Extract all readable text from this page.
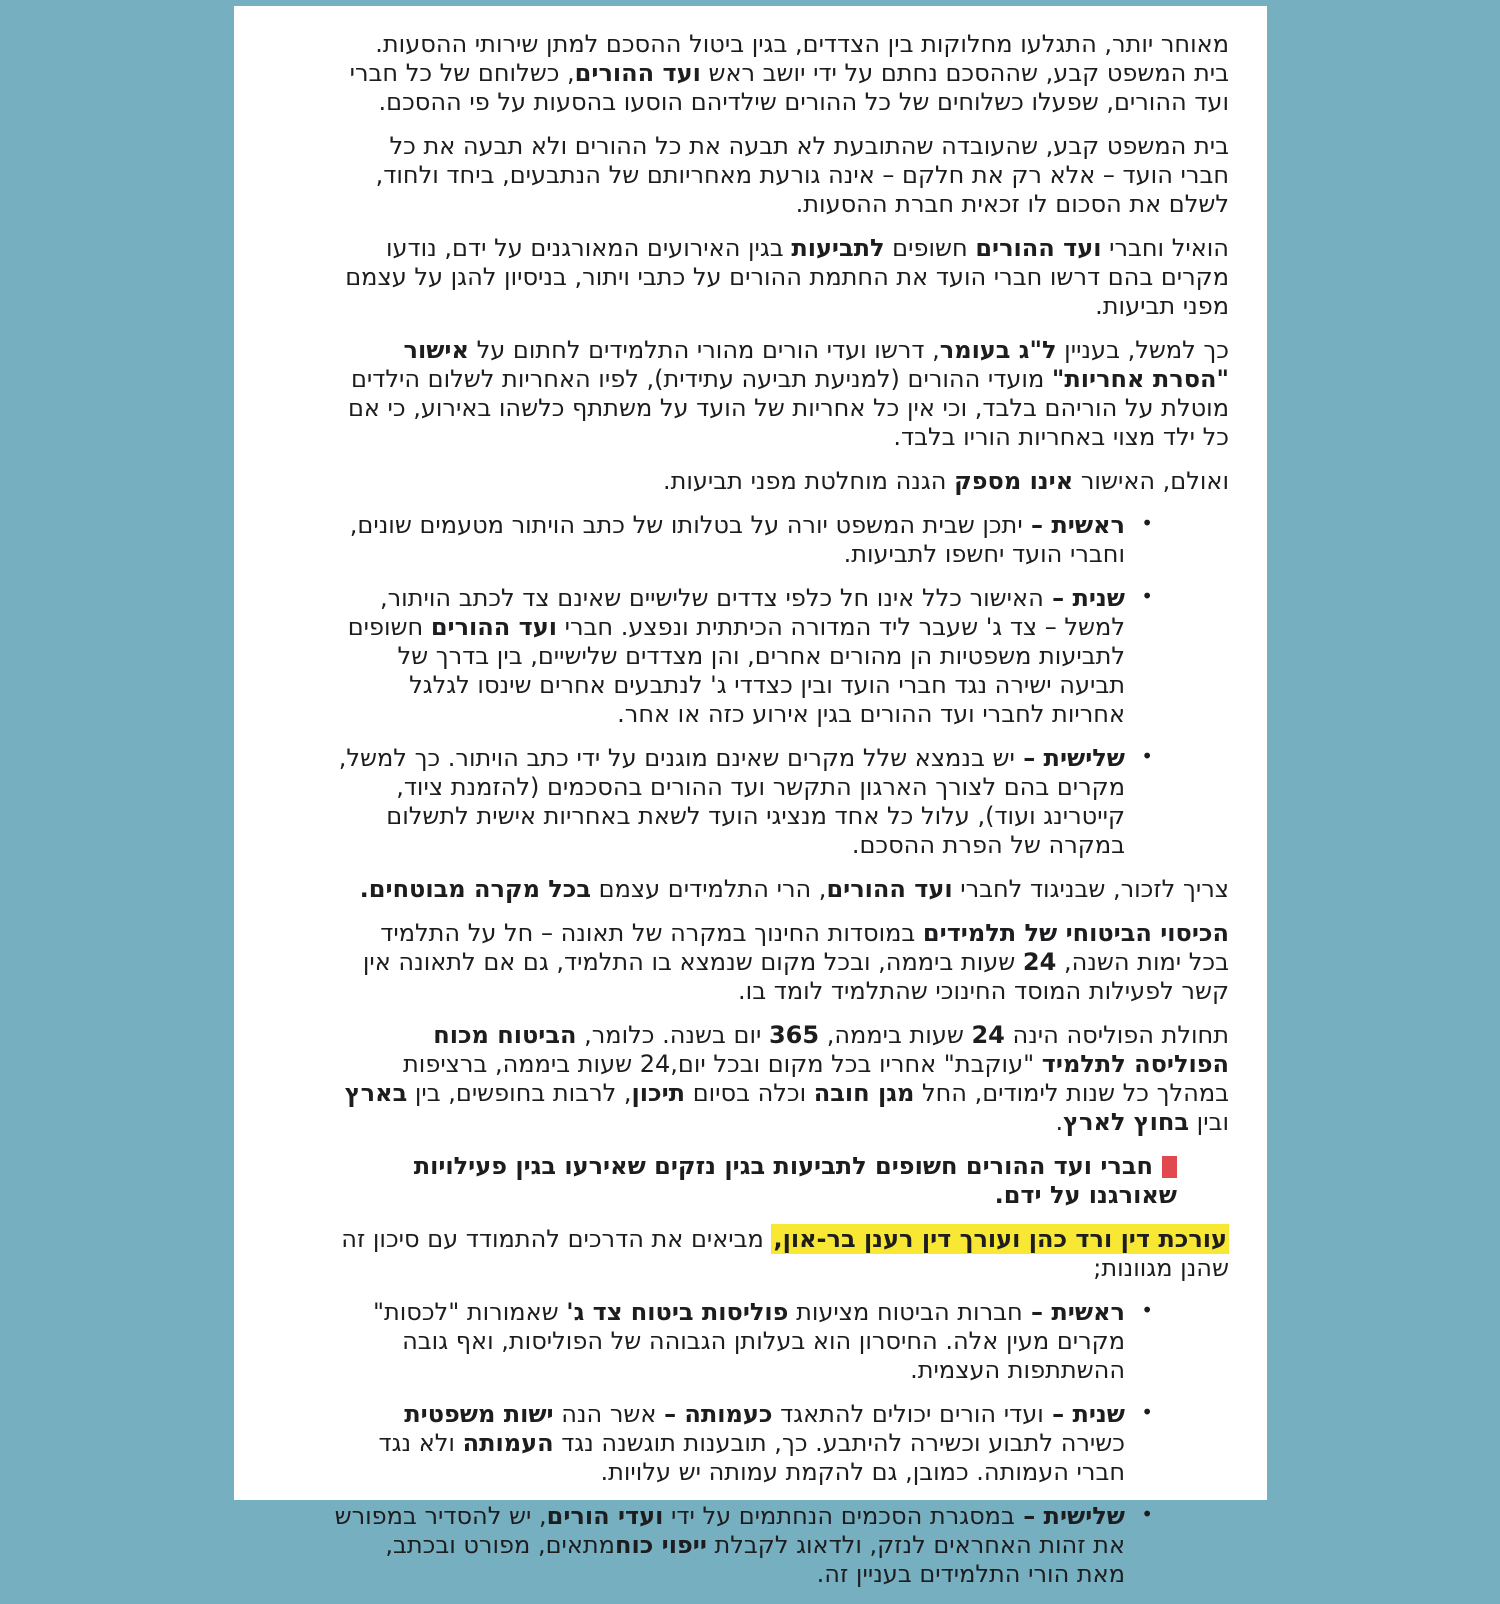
מאוחר יותר, התגלעו מחלוקות בין הצדדים, בגין ביטול ההסכם למתן שירותי ההסעות. בית המשפט קבע, שההסכם נחתם על ידי יושב ראש ועד ההורים, כשלוחם של כל חברי ועד ההורים, שפעלו כשלוחים של כל ההורים שילדיהם הוסעו בהסעות על פי ההסכם.
בית המשפט קבע, שהעובדה שהתובעת לא תבעה את כל ההורים ולא תבעה את כל חברי הועד – אלא רק את חלקם – אינה גורעת מאחריותם של הנתבעים, ביחד ולחוד, לשלם את הסכום לו זכאית חברת ההסעות.
הואיל וחברי ועד ההורים חשופים לתביעות בגין האירועים המאורגנים על ידם, נודעו מקרים בהם דרשו חברי הועד את החתמת ההורים על כתבי ויתור, בניסיון להגן על עצמם מפני תביעות.
כך למשל, בעניין ל"ג בעומר, דרשו ועדי הורים מהורי התלמידים לחתום על אישור "הסרת אחריות" מועדי ההורים (למניעת תביעה עתידית), לפיו האחריות לשלום הילדים מוטלת על הוריהם בלבד, וכי אין כל אחריות של הועד על משתתף כלשהו באירוע, כי אם כל ילד מצוי באחריות הוריו בלבד.
ואולם, האישור אינו מספק הגנה מוחלטת מפני תביעות.
•
ראשית – יתכן שבית המשפט יורה על בטלותו של כתב הויתור מטעמים שונים, וחברי הועד יחשפו לתביעות.
•
שנית – האישור כלל אינו חל כלפי צדדים שלישיים שאינם צד לכתב הויתור, למשל – צד ג' שעבר ליד המדורה הכיתתית ונפצע. חברי ועד ההורים חשופים לתביעות משפטיות הן מהורים אחרים, והן מצדדים שלישיים, בין בדרך של תביעה ישירה נגד חברי הועד ובין כצדדי ג' לנתבעים אחרים שינסו לגלגל אחריות לחברי ועד ההורים בגין אירוע כזה או אחר.
•
שלישית – יש בנמצא שלל מקרים שאינם מוגנים על ידי כתב הויתור. כך למשל, מקרים בהם לצורך הארגון התקשר ועד ההורים בהסכמים (להזמנת ציוד, קייטרינג ועוד), עלול כל אחד מנציגי הועד לשאת באחריות אישית לתשלום במקרה של הפרת ההסכם.
צריך לזכור, שבניגוד לחברי ועד ההורים, הרי התלמידים עצמם בכל מקרה מבוטחים.
הכיסוי הביטוחי של תלמידים במוסדות החינוך במקרה של תאונה – חל על התלמיד בכל ימות השנה, 24 שעות ביממה, ובכל מקום שנמצא בו התלמיד, גם אם לתאונה אין קשר לפעילות המוסד החינוכי שהתלמיד לומד בו.
תחולת הפוליסה הינה 24 שעות ביממה, 365 יום בשנה. כלומר, הביטוח מכוח הפוליסה לתלמיד "עוקבת" אחריו בכל מקום ובכל יום,24 שעות ביממה, ברציפות במהלך כל שנות לימודים, החל מגן חובה וכלה בסיום תיכון, לרבות בחופשים, בין בארץ ובין בחוץ לארץ.
חברי ועד ההורים חשופים לתביעות בגין נזקים שאירעו בגין פעילויות שאורגנו על ידם.
עורכת דין ורד כהן ועורך דין רענן בר-און, מביאים את הדרכים להתמודד עם סיכון זה שהנן מגוונות;
•
ראשית – חברות הביטוח מציעות פוליסות ביטוח צד ג' שאמורות "לכסות" מקרים מעין אלה. החיסרון הוא בעלותן הגבוהה של הפוליסות, ואף גובה ההשתתפות העצמית.
•
שנית – ועדי הורים יכולים להתאגד כעמותה – אשר הנה ישות משפטית כשירה לתבוע וכשירה להיתבע. כך, תובענות תוגשנה נגד העמותה ולא נגד חברי העמותה. כמובן, גם להקמת עמותה יש עלויות.
•
שלישית – במסגרת הסכמים הנחתמים על ידי ועדי הורים, יש להסדיר במפורש את זהות האחראים לנזק, ולדאוג לקבלת ייפוי כוחמתאים, מפורט ובכתב, מאת הורי התלמידים בעניין זה.
